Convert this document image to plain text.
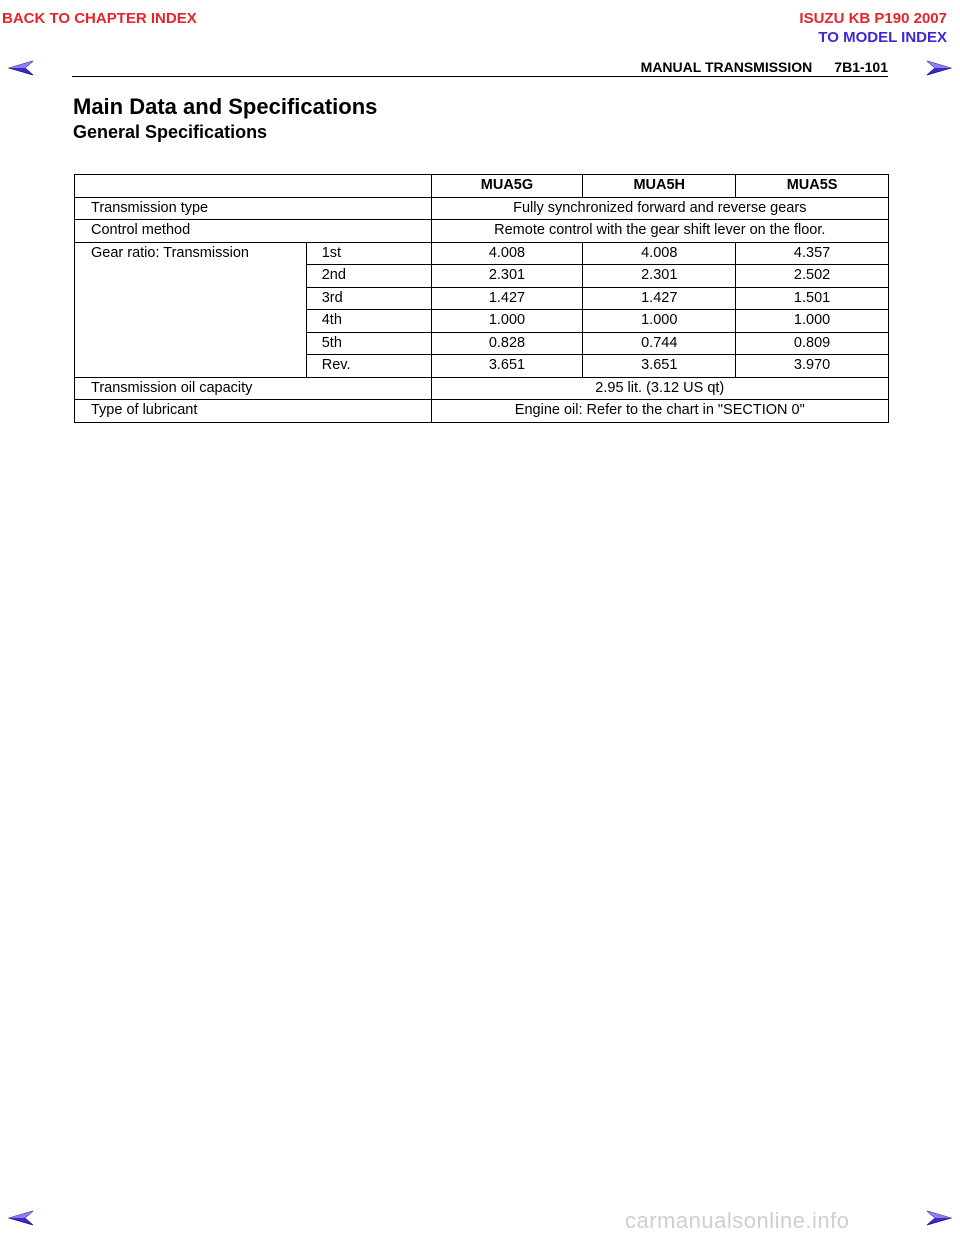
BACK TO CHAPTER INDEX	ISUZU KB P190 2007
TO MODEL INDEX
MANUAL TRANSMISSION 7B1-101
Main Data and Specifications
General Specifications
		MUA5G	MUA5H	MUA5S
Transmission type		Fully synchronized forward and reverse gears		
Control method		Remote control with the gear shift lever on the floor.		
Gear ratio: Transmission	1st	4.008	4.008	4.357
	2nd	2.301	2.301	2.502
	3rd	1.427	1.427	1.501
	4th	1.000	1.000	1.000
	5th	0.828	0.744	0.809
	Rev.	3.651	3.651	3.970
Transmission oil capacity		2.95 lit. (3.12 US qt)		
Type of lubricant		Engine oil: Refer to the chart in "SECTION 0"		
carmanualsonline.info
